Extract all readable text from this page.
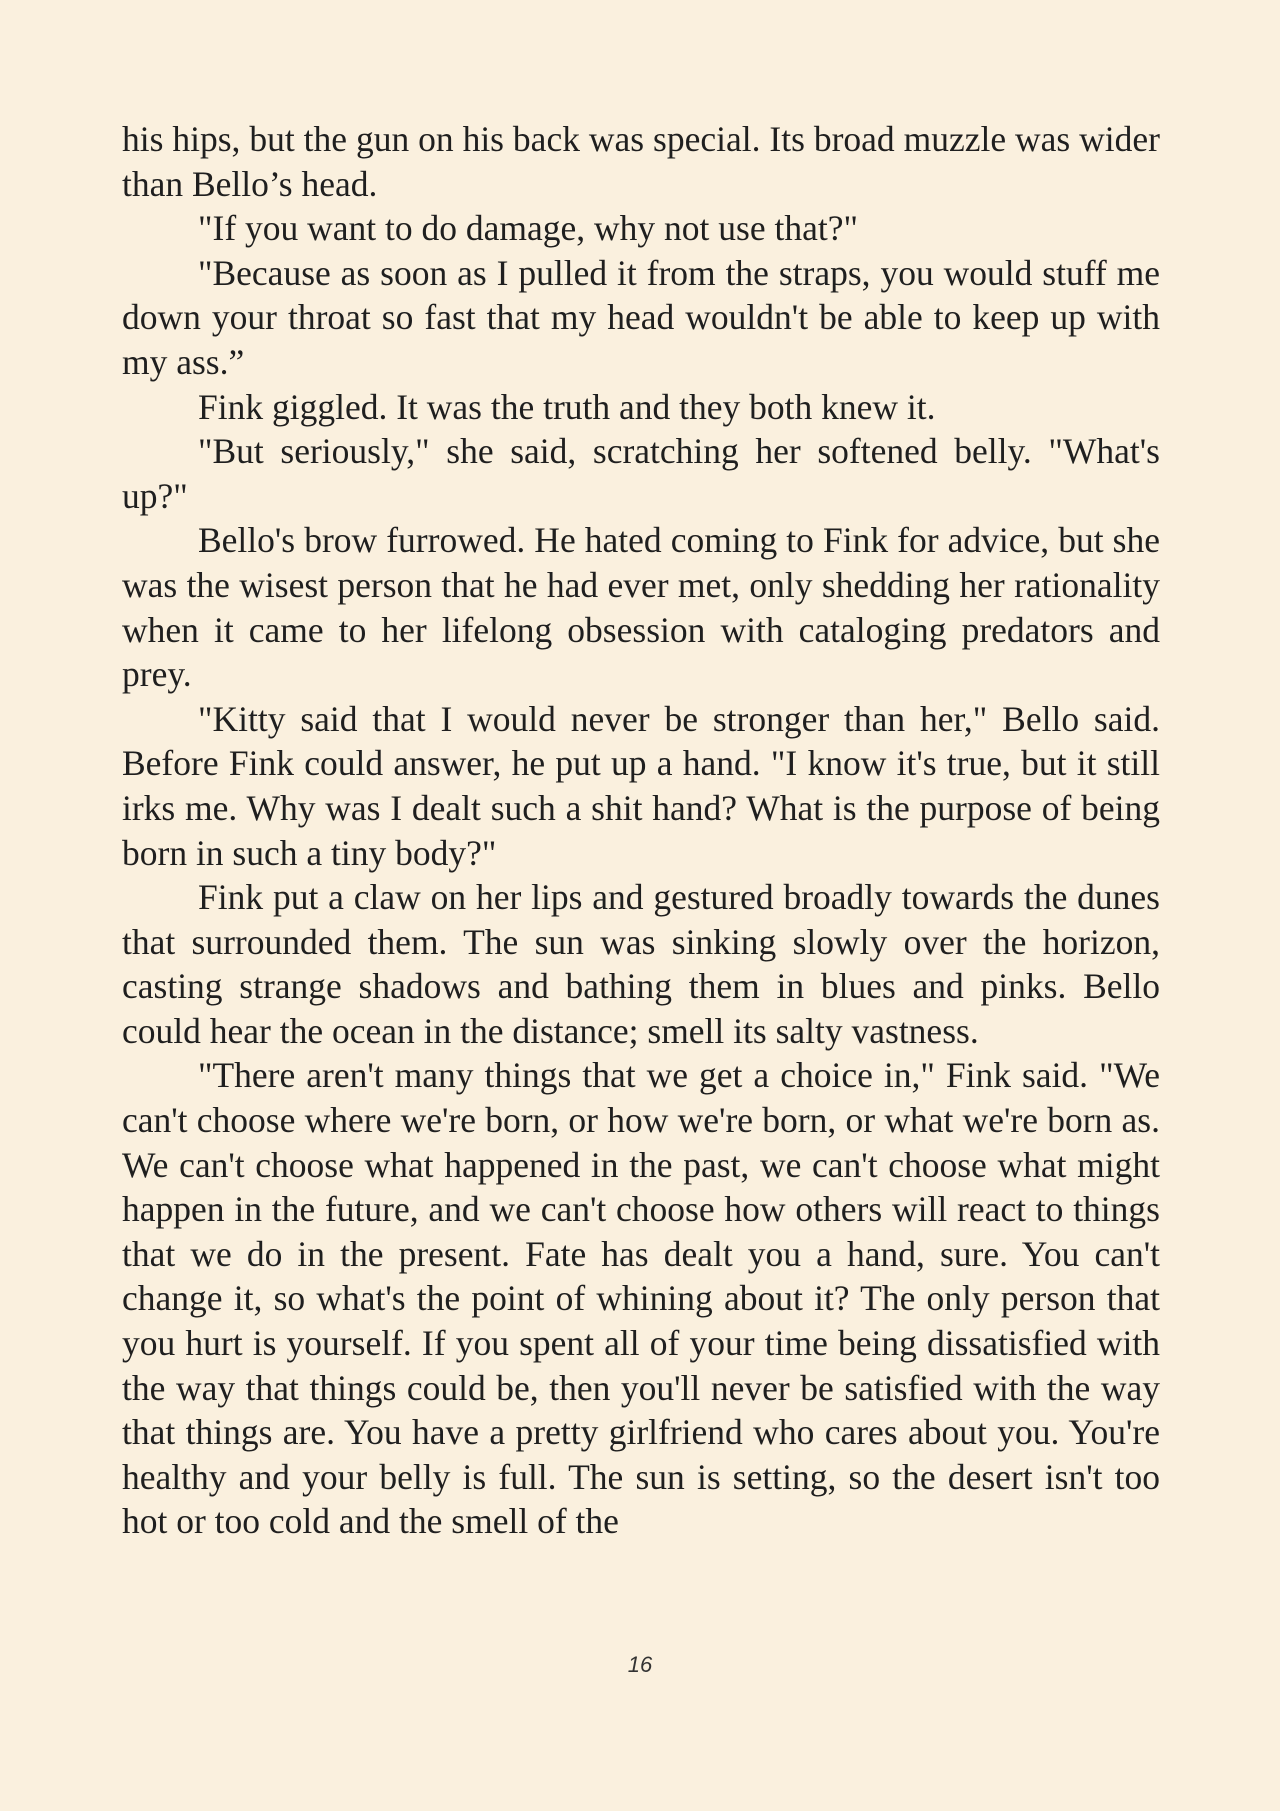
his hips, but the gun on his back was special. Its broad muzzle was wider than Bello’s head.

"If you want to do damage, why not use that?"

"Because as soon as I pulled it from the straps, you would stuff me down your throat so fast that my head wouldn't be able to keep up with my ass.”

Fink giggled. It was the truth and they both knew it.

"But seriously," she said, scratching her softened belly. "What's up?"

Bello's brow furrowed. He hated coming to Fink for advice, but she was the wisest person that he had ever met, only shedding her rationality when it came to her lifelong obsession with cataloging predators and prey.

"Kitty said that I would never be stronger than her," Bello said. Before Fink could answer, he put up a hand. "I know it's true, but it still irks me. Why was I dealt such a shit hand? What is the purpose of being born in such a tiny body?"

Fink put a claw on her lips and gestured broadly towards the dunes that surrounded them. The sun was sinking slowly over the horizon, casting strange shadows and bathing them in blues and pinks. Bello could hear the ocean in the distance; smell its salty vastness.

"There aren't many things that we get a choice in," Fink said. "We can't choose where we're born, or how we're born, or what we're born as. We can't choose what happened in the past, we can't choose what might happen in the future, and we can't choose how others will react to things that we do in the present. Fate has dealt you a hand, sure. You can't change it, so what's the point of whining about it? The only person that you hurt is yourself. If you spent all of your time being dissatisfied with the way that things could be, then you'll never be satisfied with the way that things are. You have a pretty girlfriend who cares about you. You're healthy and your belly is full. The sun is setting, so the desert isn't too hot or too cold and the smell of the

16
